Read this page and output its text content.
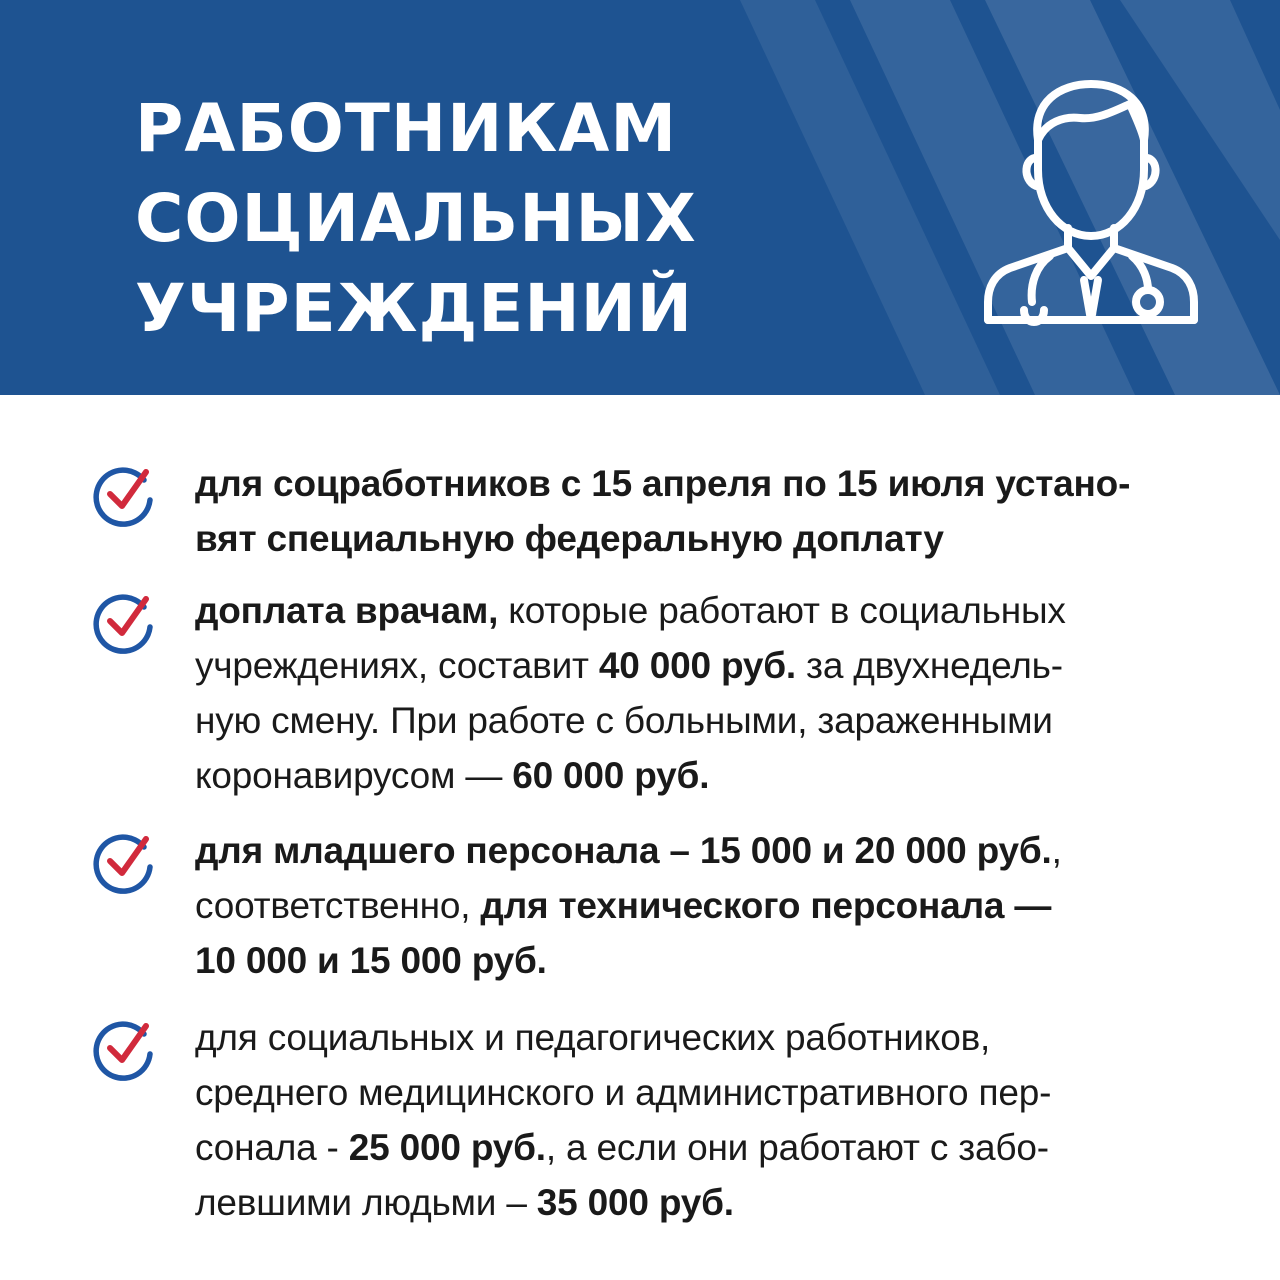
РАБОТНИКАМ
СОЦИАЛЬНЫХ
УЧРЕЖДЕНИЙ

для соцработников с 15 апреля по 15 июля устано-
вят специальную федеральную доплату

доплата врачам, которые работают в социальных
учреждениях, составит 40 000 руб. за двухнедель-
ную смену. При работе с больными, зараженными
коронавирусом — 60 000 руб.

для младшего персонала – 15 000 и 20 000 руб.,
соответственно, для технического персонала —
10 000 и 15 000 руб.

для социальных и педагогических работников,
среднего медицинского и административного пер-
сонала - 25 000 руб., а если они работают с забо-
левшими людьми – 35 000 руб.
